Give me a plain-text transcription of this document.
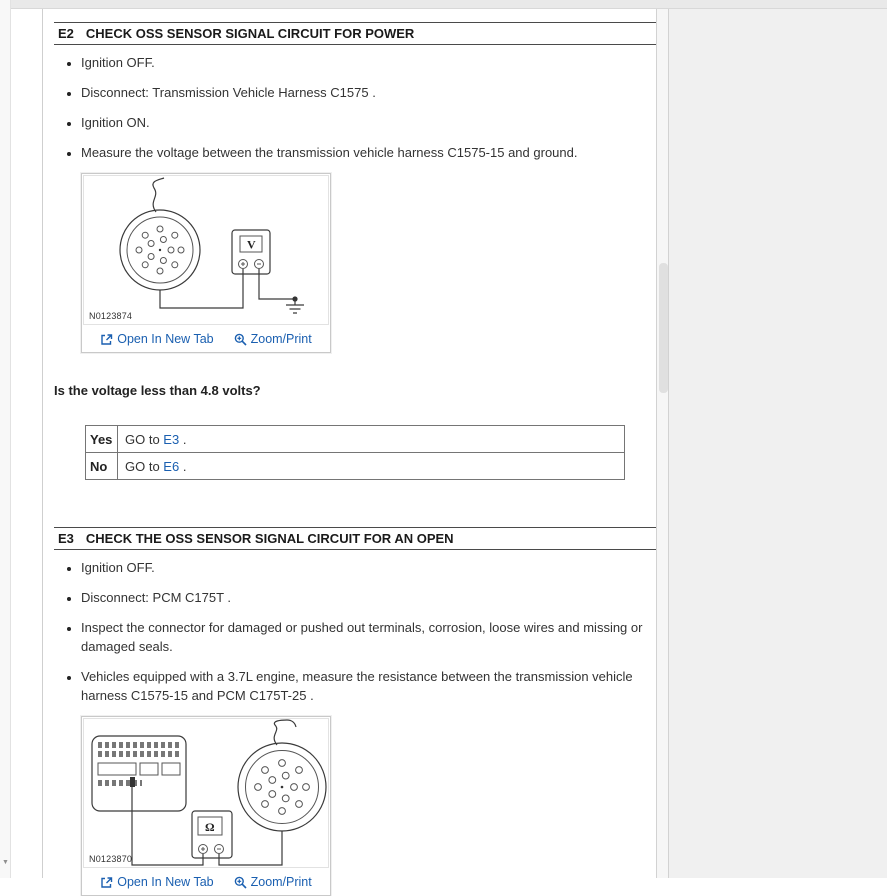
▼
E2 CHECK OSS SENSOR SIGNAL CIRCUIT FOR POWER
• Ignition OFF.
• Disconnect: Transmission Vehicle Harness C1575 .
• Ignition ON.
• Measure the voltage between the transmission vehicle harness C1575-15 and ground.
V
N0123874
Open In New Tab	Zoom/Print
Is the voltage less than 4.8 volts?
Yes	GO to E3 .
No	GO to E6 .
E3 CHECK THE OSS SENSOR SIGNAL CIRCUIT FOR AN OPEN
• Ignition OFF.
• Disconnect: PCM C175T .
• Inspect the connector for damaged or pushed out terminals, corrosion, loose wires and missing or damaged seals.
• Vehicles equipped with a 3.7L engine, measure the resistance between the transmission vehicle harness C1575-15 and PCM C175T-25 .
Ω
N0123870
Open In New Tab	Zoom/Print
